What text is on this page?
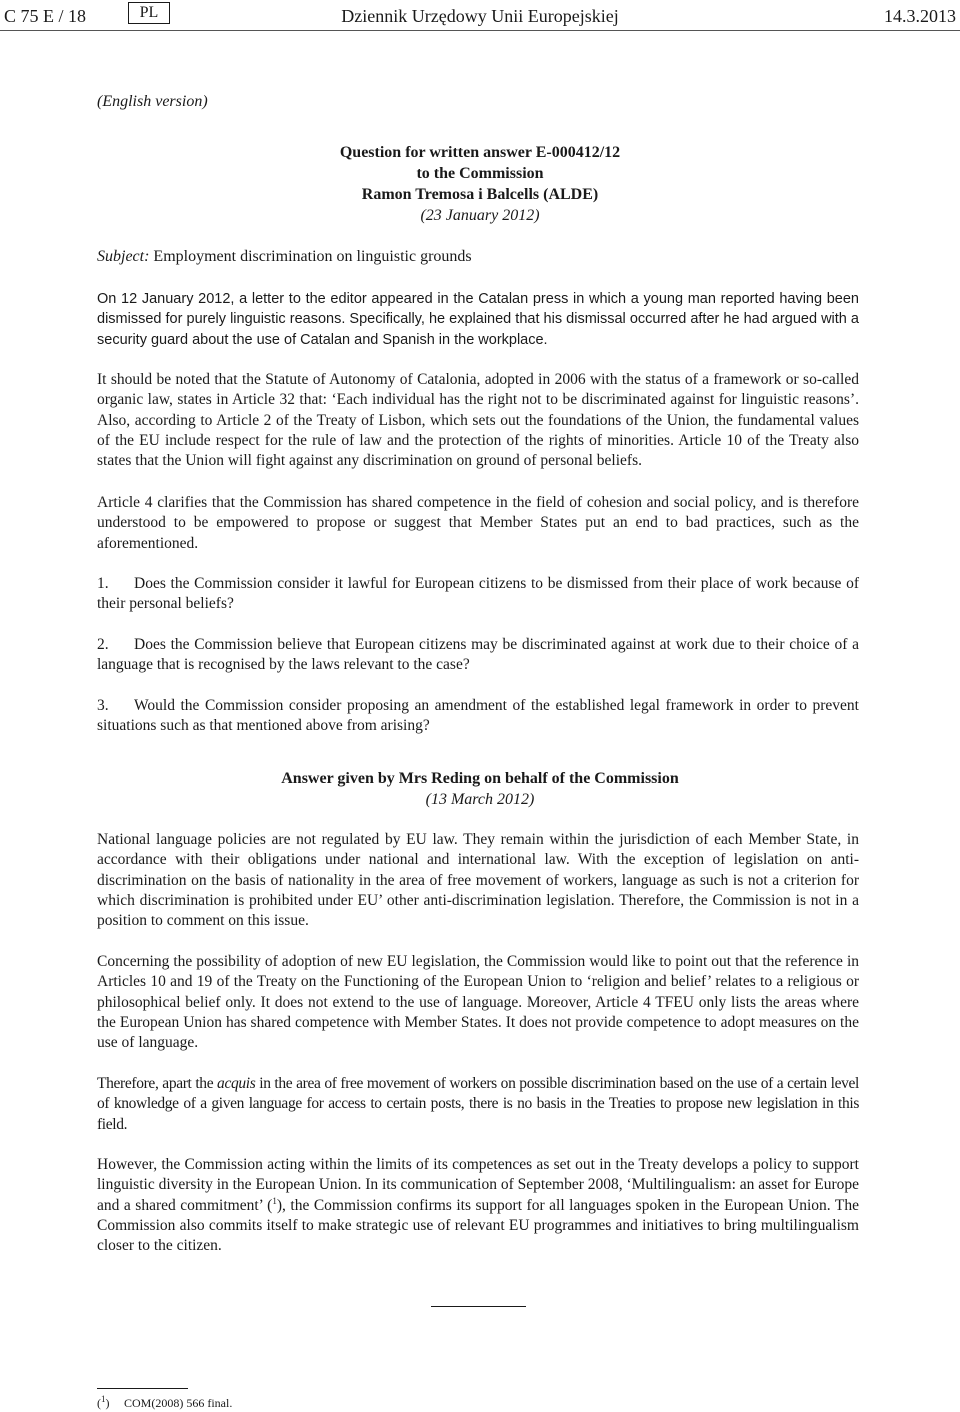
C 75 E / 18	PL	Dziennik Urzędowy Unii Europejskiej	14.3.2013
(English version)
Question for written answer E-000412/12
to the Commission
Ramon Tremosa i Balcells (ALDE)
(23 January 2012)
Subject: Employment discrimination on linguistic grounds
On 12 January 2012, a letter to the editor appeared in the Catalan press in which a young man reported having been dismissed for purely linguistic reasons. Specifically, he explained that his dismissal occurred after he had argued with a security guard about the use of Catalan and Spanish in the workplace.
It should be noted that the Statute of Autonomy of Catalonia, adopted in 2006 with the status of a framework or so-called organic law, states in Article 32 that: ‘Each individual has the right not to be discriminated against for linguistic reasons’. Also, according to Article 2 of the Treaty of Lisbon, which sets out the foundations of the Union, the fundamental values of the EU include respect for the rule of law and the protection of the rights of minorities. Article 10 of the Treaty also states that the Union will fight against any discrimination on ground of personal beliefs.
Article 4 clarifies that the Commission has shared competence in the field of cohesion and social policy, and is therefore understood to be empowered to propose or suggest that Member States put an end to bad practices, such as the aforementioned.
1. Does the Commission consider it lawful for European citizens to be dismissed from their place of work because of their personal beliefs?
2. Does the Commission believe that European citizens may be discriminated against at work due to their choice of a language that is recognised by the laws relevant to the case?
3. Would the Commission consider proposing an amendment of the established legal framework in order to prevent situations such as that mentioned above from arising?
Answer given by Mrs Reding on behalf of the Commission
(13 March 2012)
National language policies are not regulated by EU law. They remain within the jurisdiction of each Member State, in accordance with their obligations under national and international law. With the exception of legislation on anti-discrimination on the basis of nationality in the area of free movement of workers, language as such is not a criterion for which discrimination is prohibited under EU’ other anti-discrimination legislation. Therefore, the Commission is not in a position to comment on this issue.
Concerning the possibility of adoption of new EU legislation, the Commission would like to point out that the reference in Articles 10 and 19 of the Treaty on the Functioning of the European Union to ‘religion and belief’ relates to a religious or philosophical belief only. It does not extend to the use of language. Moreover, Article 4 TFEU only lists the areas where the European Union has shared competence with Member States. It does not provide competence to adopt measures on the use of language.
Therefore, apart the acquis in the area of free movement of workers on possible discrimination based on the use of a certain level of knowledge of a given language for access to certain posts, there is no basis in the Treaties to propose new legislation in this field.
However, the Commission acting within the limits of its competences as set out in the Treaty develops a policy to support linguistic diversity in the European Union. In its communication of September 2008, ‘Multilingualism: an asset for Europe and a shared commitment’ ($^1$), the Commission confirms its support for all languages spoken in the European Union. The Commission also commits itself to make strategic use of relevant EU programmes and initiatives to bring multilingualism closer to the citizen.
($^1$) COM(2008) 566 final.
